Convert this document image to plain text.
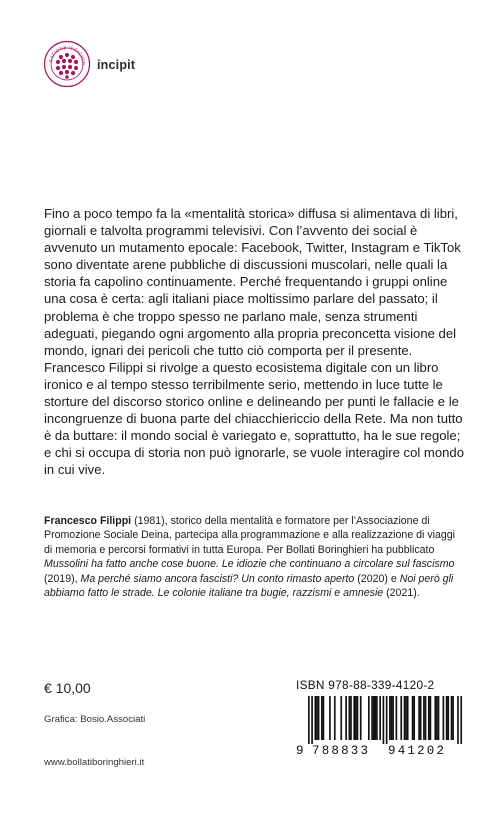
SATIONE IUDICIOR incipit

Fino a poco tempo fa la «mentalità storica» diffusa si alimentava di libri, giornali e talvolta programmi televisivi. Con l’avvento dei social è avvenuto un mutamento epocale: Facebook, Twitter, Instagram e TikTok sono diventate arene pubbliche di discussioni muscolari, nelle quali la storia fa capolino continuamente. Perché frequentando i gruppi online una cosa è certa: agli italiani piace moltissimo parlare del passato; il problema è che troppo spesso ne parlano male, senza strumenti adeguati, piegando ogni argomento alla propria preconcetta visione del mondo, ignari dei pericoli che tutto ciò comporta per il presente.

Francesco Filippi si rivolge a questo ecosistema digitale con un libro ironico e al tempo stesso terribilmente serio, mettendo in luce tutte le storture del discorso storico online e delineando per punti le fallacie e le incongruenze di buona parte del chiacchiericcio della Rete. Ma non tutto è da buttare: il mondo social è variegato e, soprattutto, ha le sue regole; e chi si occupa di storia non può ignorarle, se vuole interagire col mondo in cui vive.

Francesco Filippi (1981), storico della mentalità e formatore per l’Associazione di Promozione Sociale Deina, partecipa alla programmazione e alla realizzazione di viaggi di memoria e percorsi formativi in tutta Europa. Per Bollati Boringhieri ha pubblicato Mussolini ha fatto anche cose buone. Le idiozie che continuano a circolare sul fascismo (2019), Ma perché siamo ancora fascisti? Un conto rimasto aperto (2020) e Noi però gli abbiamo fatto le strade. Le colonie italiane tra bugie, razzismi e amnesie (2021).

€ 10,00
Grafica: Bosio.Associati
www.bollatiboringhieri.it
ISBN 978-88-339-4120-2
9 788833 941202
